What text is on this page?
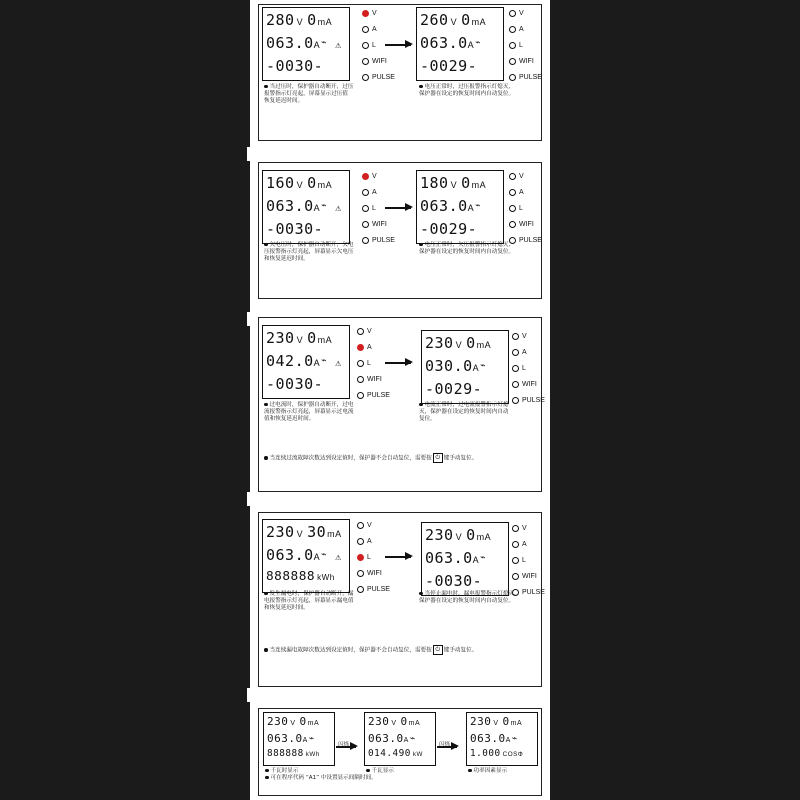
280 V 0mA
063.0A⌁ ⚠
-0030-
V
A
L
WIFI
PULSE
260 V 0mA
063.0A⌁
-0029-
V
A
L
WIFI
PULSE
当过压时，保护器自动断开，过压
报警指示灯亮起，屏幕显示过压值
恢复延迟时间。
电压正常时，过压报警指示灯熄灭,
保护器在设定的恢复时间内自动复位。
160 V 0mA
063.0A⌁ ⚠
-0030-
V
A
L
WIFI
PULSE
180 V 0mA
063.0A⌁
-0029-
V
A
L
WIFI
PULSE
欠电压时，保护器自动断开，欠电
压报警指示灯亮起，屏幕显示欠电压
和恢复延迟时间。
电压正常时，欠压报警指示灯熄灭,
保护器在设定的恢复时间内自动复位。
230 V 0mA
042.0A⌁ ⚠
-0030-
V
A
L
WIFI
PULSE
230 V 0mA
030.0A⌁
-0029-
V
A
L
WIFI
PULSE
过电流时，保护器自动断开，过电
流报警指示灯亮起，屏幕显示过电流
值和恢复延迟时间。
电流正常时，过电流报警指示灯熄
灭，保护器在设定的恢复时间内自动
复位。
当连续过流故障次数达到设定值时，保护器不会自动复位，需要按 ⏻ 键手动复位。
230 V 30mA
063.0A⌁ ⚠
888888 kWh
V
A
L
WIFI
PULSE
230 V 0mA
063.0A⌁
-0030-
V
A
L
WIFI
PULSE
发生漏电时，保护器自动断开，漏
电报警指示灯亮起，屏幕显示漏电值
和恢复延迟时间。
当停止漏电时，漏电报警指示灯熄灭,
保护器在设定的恢复时间内自动复位。
当连续漏电故障次数达到设定值时，保护器不会自动复位，需要按 ⏻ 键手动复位。
230 V 0mA
063.0A⌁
888888 kWh
230 V 0mA
063.0A⌁
014.490 kW
230 V 0mA
063.0A⌁
1.000 COSΦ
闪烁	闪烁
千瓦时显示
可在程序代码 “A1” 中设置显示间隔时间。
千瓦显示	功率因素显示
